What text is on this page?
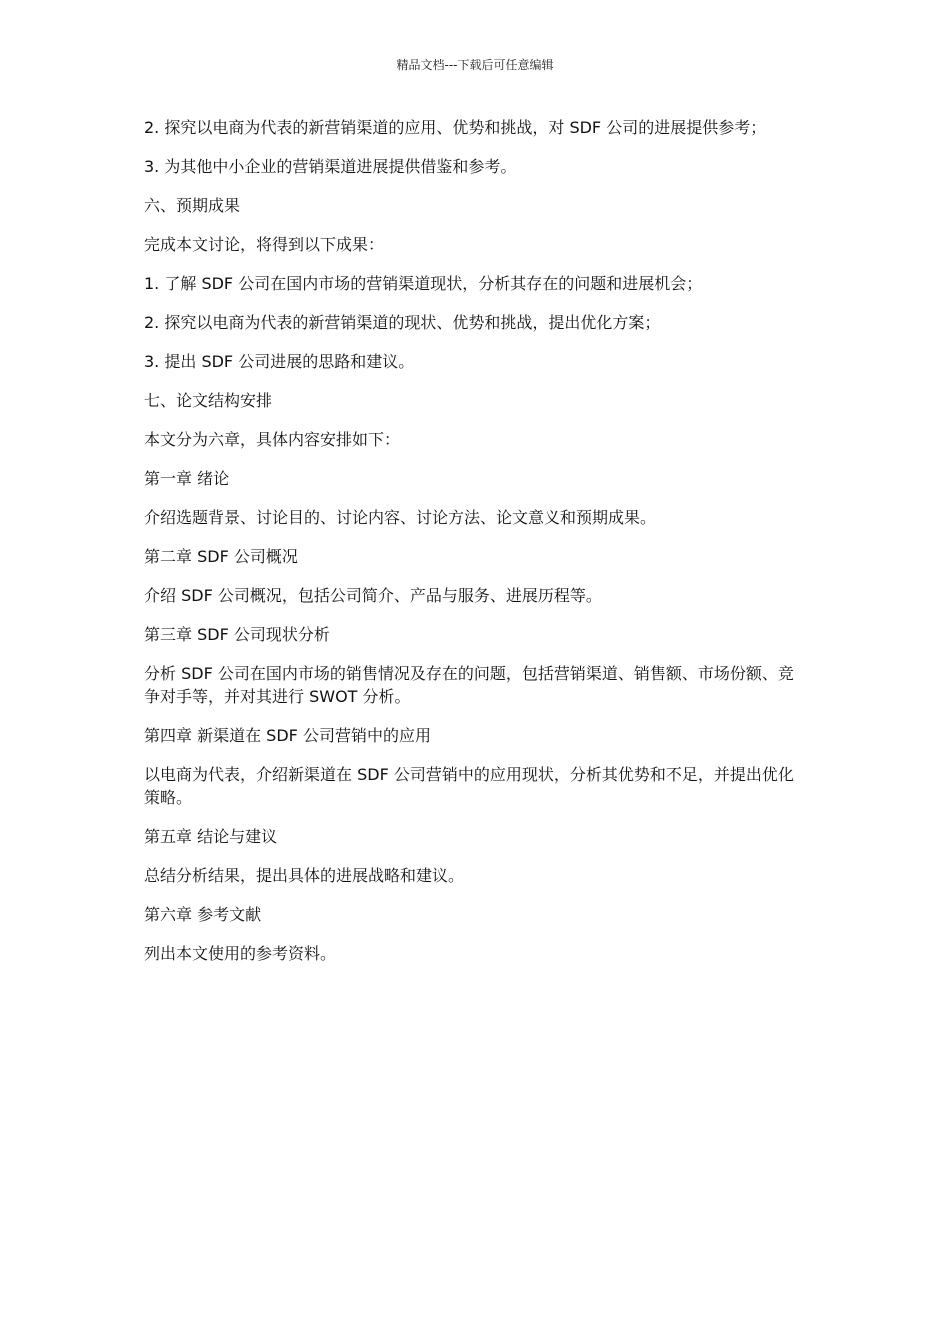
精品文档---下载后可任意编辑

2. 探究以电商为代表的新营销渠道的应用、优势和挑战，对 SDF 公司的进展提供参考；

3. 为其他中小企业的营销渠道进展提供借鉴和参考。

六、预期成果

完成本文讨论，将得到以下成果：

1. 了解 SDF 公司在国内市场的营销渠道现状，分析其存在的问题和进展机会；

2. 探究以电商为代表的新营销渠道的现状、优势和挑战，提出优化方案；

3. 提出 SDF 公司进展的思路和建议。

七、论文结构安排

本文分为六章，具体内容安排如下：

第一章 绪论

介绍选题背景、讨论目的、讨论内容、讨论方法、论文意义和预期成果。

第二章 SDF 公司概况

介绍 SDF 公司概况，包括公司简介、产品与服务、进展历程等。

第三章 SDF 公司现状分析

分析 SDF 公司在国内市场的销售情况及存在的问题，包括营销渠道、销售额、市场份额、竞争对手等，并对其进行 SWOT 分析。

第四章 新渠道在 SDF 公司营销中的应用

以电商为代表，介绍新渠道在 SDF 公司营销中的应用现状，分析其优势和不足，并提出优化策略。

第五章 结论与建议

总结分析结果，提出具体的进展战略和建议。

第六章 参考文献

列出本文使用的参考资料。
